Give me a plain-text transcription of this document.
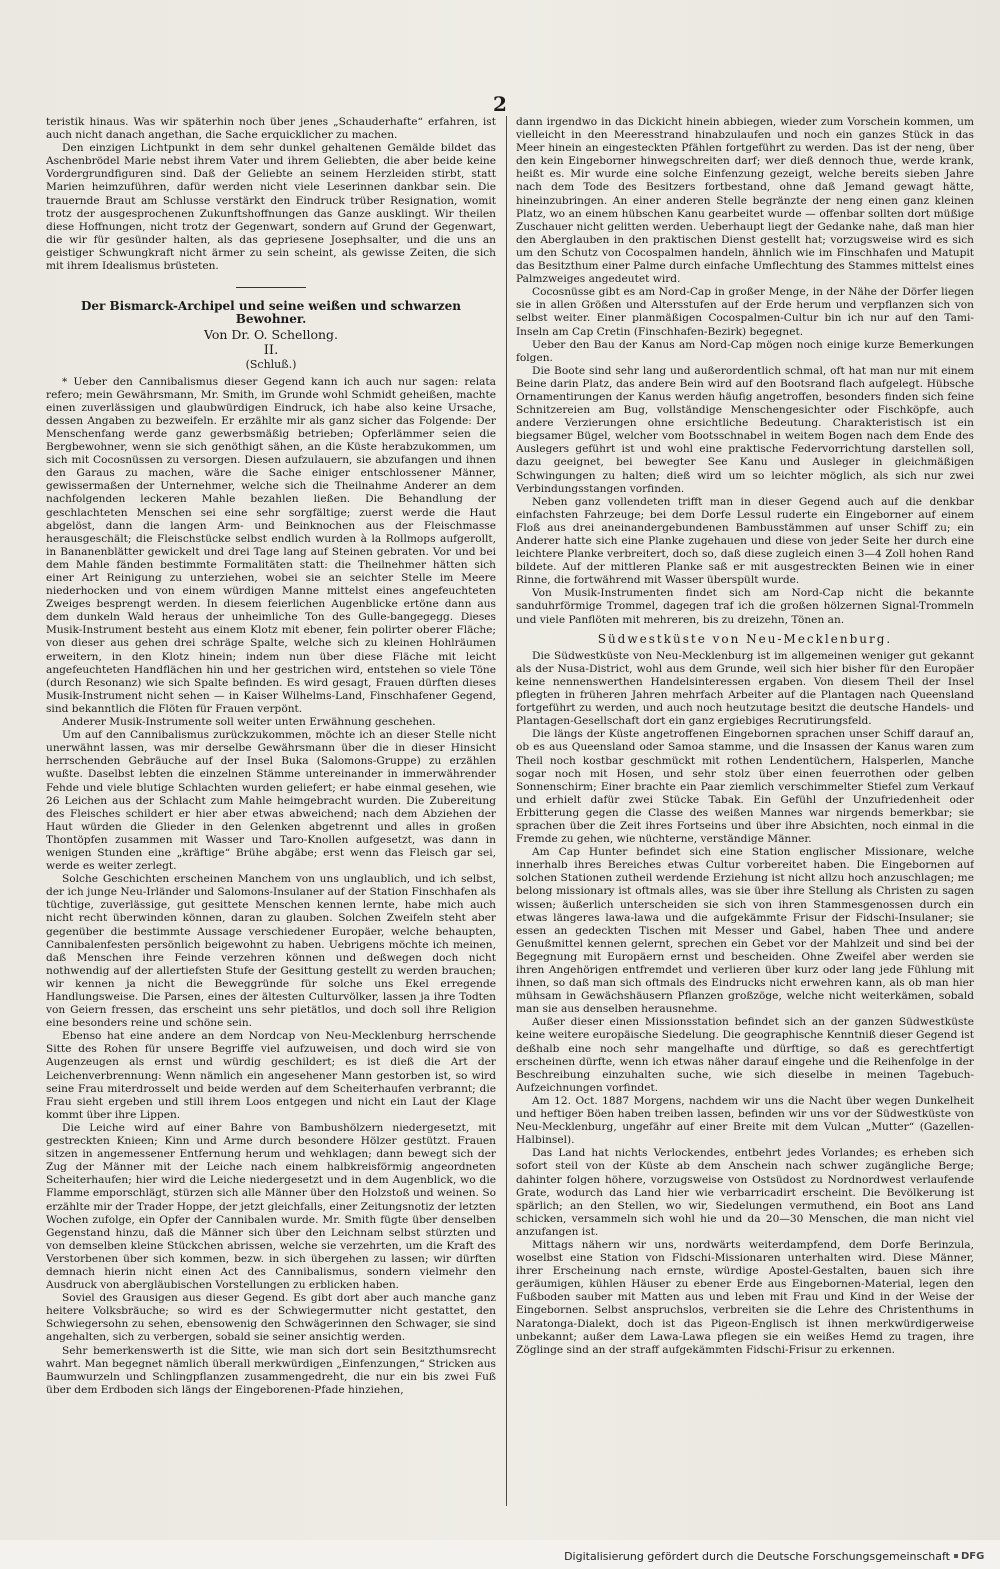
2

teristik hinaus. Was wir späterhin noch über jenes „Schauderhafte“ erfahren, ist auch nicht danach angethan, die Sache erquicklicher zu machen.

Den einzigen Lichtpunkt in dem sehr dunkel gehaltenen Gemälde bildet das Aschenbrödel Marie nebst ihrem Vater und ihrem Geliebten, die aber beide keine Vordergrundfiguren sind. Daß der Geliebte an seinem Herzleiden stirbt, statt Marien heimzuführen, dafür werden nicht viele Leserinnen dankbar sein. Die trauernde Braut am Schlusse verstärkt den Eindruck trüber Resignation, womit trotz der ausgesprochenen Zukunftshoffnungen das Ganze ausklingt. Wir theilen diese Hoffnungen, nicht trotz der Gegenwart, sondern auf Grund der Gegenwart, die wir für gesünder halten, als das gepriesene Josephsalter, und die uns an geistiger Schwungkraft nicht ärmer zu sein scheint, als gewisse Zeiten, die sich mit ihrem Idealismus brüsteten.

Der Bismarck-Archipel und seine weißen und schwarzen Bewohner.
Von Dr. O. Schellong.
II.
(Schluß.)

* Ueber den Cannibalismus dieser Gegend kann ich auch nur sagen: relata refero; mein Gewährsmann, Mr. Smith, im Grunde wohl Schmidt geheißen, machte einen zuverlässigen und glaubwürdigen Eindruck, ich habe also keine Ursache, dessen Angaben zu bezweifeln. Er erzählte mir als ganz sicher das Folgende: Der Menschenfang werde ganz gewerbsmäßig betrieben; Opferlämmer seien die Bergbewohner, wenn sie sich genöthigt sähen, an die Küste herabzukommen, um sich mit Cocosnüssen zu versorgen. Diesen aufzulauern, sie abzufangen und ihnen den Garaus zu machen, wäre die Sache einiger entschlossener Männer, gewissermaßen der Unternehmer, welche sich die Theilnahme Anderer an dem nachfolgenden leckeren Mahle bezahlen ließen. Die Behandlung der geschlachteten Menschen sei eine sehr sorgfältige; zuerst werde die Haut abgelöst, dann die langen Arm- und Beinknochen aus der Fleischmasse herausgeschält; die Fleischstücke selbst endlich wurden à la Rollmops aufgerollt, in Bananenblätter gewickelt und drei Tage lang auf Steinen gebraten. Vor und bei dem Mahle fänden bestimmte Formalitäten statt: die Theilnehmer hätten sich einer Art Reinigung zu unterziehen, wobei sie an seichter Stelle im Meere niederhocken und von einem würdigen Manne mittelst eines angefeuchteten Zweiges besprengt werden. In diesem feierlichen Augenblicke ertöne dann aus dem dunkeln Wald heraus der unheimliche Ton des Gulle-bangegegg. Dieses Musik-Instrument besteht aus einem Klotz mit ebener, fein polirter oberer Fläche; von dieser aus gehen drei schräge Spalte, welche sich zu kleinen Hohlräumen erweitern, in den Klotz hinein; indem nun über diese Fläche mit leicht angefeuchteten Handflächen hin und her gestrichen wird, entstehen so viele Töne (durch Resonanz) wie sich Spalte befinden. Es wird gesagt, Frauen dürften dieses Musik-Instrument nicht sehen — in Kaiser Wilhelms-Land, Finschhafener Gegend, sind bekanntlich die Flöten für Frauen verpönt.

Anderer Musik-Instrumente soll weiter unten Erwähnung geschehen.

Um auf den Cannibalismus zurückzukommen, möchte ich an dieser Stelle nicht unerwähnt lassen, was mir derselbe Gewährsmann über die in dieser Hinsicht herrschenden Gebräuche auf der Insel Buka (Salomons-Gruppe) zu erzählen wußte. Daselbst lebten die einzelnen Stämme untereinander in immerwährender Fehde und viele blutige Schlachten wurden geliefert; er habe einmal gesehen, wie 26 Leichen aus der Schlacht zum Mahle heimgebracht wurden. Die Zubereitung des Fleisches schildert er hier aber etwas abweichend; nach dem Abziehen der Haut würden die Glieder in den Gelenken abgetrennt und alles in großen Thontöpfen zusammen mit Wasser und Taro-Knollen aufgesetzt, was dann in wenigen Stunden eine „kräftige“ Brühe abgäbe; erst wenn das Fleisch gar sei, werde es weiter zerlegt.

Solche Geschichten erscheinen Manchem von uns unglaublich, und ich selbst, der ich junge Neu-Irländer und Salomons-Insulaner auf der Station Finschhafen als tüchtige, zuverlässige, gut gesittete Menschen kennen lernte, habe mich auch nicht recht überwinden können, daran zu glauben. Solchen Zweifeln steht aber gegenüber die bestimmte Aussage verschiedener Europäer, welche behaupten, Cannibalenfesten persönlich beigewohnt zu haben. Uebrigens möchte ich meinen, daß Menschen ihre Feinde verzehren können und deßwegen doch nicht nothwendig auf der allertiefsten Stufe der Gesittung gestellt zu werden brauchen; wir kennen ja nicht die Beweggründe für solche uns Ekel erregende Handlungsweise. Die Parsen, eines der ältesten Culturvölker, lassen ja ihre Todten von Geiern fressen, das erscheint uns sehr pietätlos, und doch soll ihre Religion eine besonders reine und schöne sein.

Ebenso hat eine andere an dem Nordcap von Neu-Mecklenburg herrschende Sitte des Rohen für unsere Begriffe viel aufzuweisen, und doch wird sie von Augenzeugen als ernst und würdig geschildert; es ist dieß die Art der Leichenverbrennung: Wenn nämlich ein angesehener Mann gestorben ist, so wird seine Frau miterdrosselt und beide werden auf dem Scheiterhaufen verbrannt; die Frau sieht ergeben und still ihrem Loos entgegen und nicht ein Laut der Klage kommt über ihre Lippen.

Die Leiche wird auf einer Bahre von Bambushölzern niedergesetzt, mit gestreckten Knieen; Kinn und Arme durch besondere Hölzer gestützt. Frauen sitzen in angemessener Entfernung herum und wehklagen; dann bewegt sich der Zug der Männer mit der Leiche nach einem halbkreisförmig angeordneten Scheiterhaufen; hier wird die Leiche niedergesetzt und in dem Augenblick, wo die Flamme emporschlägt, stürzen sich alle Männer über den Holzstoß und weinen. So erzählte mir der Trader Hoppe, der jetzt gleichfalls, einer Zeitungsnotiz der letzten Wochen zufolge, ein Opfer der Cannibalen wurde. Mr. Smith fügte über denselben Gegenstand hinzu, daß die Männer sich über den Leichnam selbst stürzten und von demselben kleine Stückchen abrissen, welche sie verzehrten, um die Kraft des Verstorbenen über sich kommen, bezw. in sich übergehen zu lassen; wir dürften demnach hierin nicht einen Act des Cannibalismus, sondern vielmehr den Ausdruck von abergläubischen Vorstellungen zu erblicken haben.

Soviel des Grausigen aus dieser Gegend. Es gibt dort aber auch manche ganz heitere Volksbräuche; so wird es der Schwiegermutter nicht gestattet, den Schwiegersohn zu sehen, ebensowenig den Schwägerinnen den Schwager, sie sind angehalten, sich zu verbergen, sobald sie seiner ansichtig werden.

Sehr bemerkenswerth ist die Sitte, wie man sich dort sein Besitzthumsrecht wahrt. Man begegnet nämlich überall merkwürdigen „Einfenzungen,“ Stricken aus Baumwurzeln und Schlingpflanzen zusammengedreht, die nur ein bis zwei Fuß über dem Erdboden sich längs der Eingeborenen-Pfade hinziehen,

dann irgendwo in das Dickicht hinein abbiegen, wieder zum Vorschein kommen, um vielleicht in den Meeresstrand hinabzulaufen und noch ein ganzes Stück in das Meer hinein an eingesteckten Pfählen fortgeführt zu werden. Das ist der neng, über den kein Eingeborner hinwegschreiten darf; wer dieß dennoch thue, werde krank, heißt es. Mir wurde eine solche Einfenzung gezeigt, welche bereits sieben Jahre nach dem Tode des Besitzers fortbestand, ohne daß Jemand gewagt hätte, hineinzubringen. An einer anderen Stelle begränzte der neng einen ganz kleinen Platz, wo an einem hübschen Kanu gearbeitet wurde — offenbar sollten dort müßige Zuschauer nicht gelitten werden. Ueberhaupt liegt der Gedanke nahe, daß man hier den Aberglauben in den praktischen Dienst gestellt hat; vorzugsweise wird es sich um den Schutz von Cocospalmen handeln, ähnlich wie im Finschhafen und Matupit das Besitzthum einer Palme durch einfache Umflechtung des Stammes mittelst eines Palmzweiges angedeutet wird.

Cocosnüsse gibt es am Nord-Cap in großer Menge, in der Nähe der Dörfer liegen sie in allen Größen und Altersstufen auf der Erde herum und verpflanzen sich von selbst weiter. Einer planmäßigen Cocospalmen-Cultur bin ich nur auf den Tami-Inseln am Cap Cretin (Finschhafen-Bezirk) begegnet.

Ueber den Bau der Kanus am Nord-Cap mögen noch einige kurze Bemerkungen folgen.

Die Boote sind sehr lang und außerordentlich schmal, oft hat man nur mit einem Beine darin Platz, das andere Bein wird auf den Bootsrand flach aufgelegt. Hübsche Ornamentirungen der Kanus werden häufig angetroffen, besonders finden sich feine Schnitzereien am Bug, vollständige Menschengesichter oder Fischköpfe, auch andere Verzierungen ohne ersichtliche Bedeutung. Charakteristisch ist ein biegsamer Bügel, welcher vom Bootsschnabel in weitem Bogen nach dem Ende des Auslegers geführt ist und wohl eine praktische Federvorrichtung darstellen soll, dazu geeignet, bei bewegter See Kanu und Ausleger in gleichmäßigen Schwingungen zu halten; dieß wird um so leichter möglich, als sich nur zwei Verbindungsstangen vorfinden.

Neben ganz vollendeten trifft man in dieser Gegend auch auf die denkbar einfachsten Fahrzeuge; bei dem Dorfe Lessul ruderte ein Eingeborner auf einem Floß aus drei aneinandergebundenen Bambusstämmen auf unser Schiff zu; ein Anderer hatte sich eine Planke zugehauen und diese von jeder Seite her durch eine leichtere Planke verbreitert, doch so, daß diese zugleich einen 3—4 Zoll hohen Rand bildete. Auf der mittleren Planke saß er mit ausgestreckten Beinen wie in einer Rinne, die fortwährend mit Wasser überspült wurde.

Von Musik-Instrumenten findet sich am Nord-Cap nicht die bekannte sanduhrförmige Trommel, dagegen traf ich die großen hölzernen Signal-Trommeln und viele Panflöten mit mehreren, bis zu dreizehn, Tönen an.

Südwestküste von Neu-Mecklenburg.

Die Südwestküste von Neu-Mecklenburg ist im allgemeinen weniger gut gekannt als der Nusa-District, wohl aus dem Grunde, weil sich hier bisher für den Europäer keine nennenswerthen Handelsinteressen ergaben. Von diesem Theil der Insel pflegten in früheren Jahren mehrfach Arbeiter auf die Plantagen nach Queensland fortgeführt zu werden, und auch noch heutzutage besitzt die deutsche Handels- und Plantagen-Gesellschaft dort ein ganz ergiebiges Recrutirungsfeld.

Die längs der Küste angetroffenen Eingebornen sprachen unser Schiff darauf an, ob es aus Queensland oder Samoa stamme, und die Insassen der Kanus waren zum Theil noch kostbar geschmückt mit rothen Lendentüchern, Halsperlen, Manche sogar noch mit Hosen, und sehr stolz über einen feuerrothen oder gelben Sonnenschirm; Einer brachte ein Paar ziemlich verschimmelter Stiefel zum Verkauf und erhielt dafür zwei Stücke Tabak. Ein Gefühl der Unzufriedenheit oder Erbitterung gegen die Classe des weißen Mannes war nirgends bemerkbar; sie sprachen über die Zeit ihres Fortseins und über ihre Absichten, noch einmal in die Fremde zu gehen, wie nüchterne, verständige Männer.

Am Cap Hunter befindet sich eine Station englischer Missionare, welche innerhalb ihres Bereiches etwas Cultur vorbereitet haben. Die Eingebornen auf solchen Stationen zutheil werdende Erziehung ist nicht allzu hoch anzuschlagen; me belong missionary ist oftmals alles, was sie über ihre Stellung als Christen zu sagen wissen; äußerlich unterscheiden sie sich von ihren Stammesgenossen durch ein etwas längeres lawa-lawa und die aufgekämmte Frisur der Fidschi-Insulaner; sie essen an gedeckten Tischen mit Messer und Gabel, haben Thee und andere Genußmittel kennen gelernt, sprechen ein Gebet vor der Mahlzeit und sind bei der Begegnung mit Europäern ernst und bescheiden. Ohne Zweifel aber werden sie ihren Angehörigen entfremdet und verlieren über kurz oder lang jede Fühlung mit ihnen, so daß man sich oftmals des Eindrucks nicht erwehren kann, als ob man hier mühsam in Gewächshäusern Pflanzen großzöge, welche nicht weiterkämen, sobald man sie aus denselben herausnehme.

Außer dieser einen Missionsstation befindet sich an der ganzen Südwestküste keine weitere europäische Siedelung. Die geographische Kenntniß dieser Gegend ist deßhalb eine noch sehr mangelhafte und dürftige, so daß es gerechtfertigt erscheinen dürfte, wenn ich etwas näher darauf eingehe und die Reihenfolge in der Beschreibung einzuhalten suche, wie sich dieselbe in meinen Tagebuch-Aufzeichnungen vorfindet.

Am 12. Oct. 1887 Morgens, nachdem wir uns die Nacht über wegen Dunkelheit und heftiger Böen haben treiben lassen, befinden wir uns vor der Südwestküste von Neu-Mecklenburg, ungefähr auf einer Breite mit dem Vulcan „Mutter“ (Gazellen-Halbinsel).

Das Land hat nichts Verlockendes, entbehrt jedes Vorlandes; es erheben sich sofort steil von der Küste ab dem Anschein nach schwer zugängliche Berge; dahinter folgen höhere, vorzugsweise von Ostsüdost zu Nordnordwest verlaufende Grate, wodurch das Land hier wie verbarricadirt erscheint. Die Bevölkerung ist spärlich; an den Stellen, wo wir, Siedelungen vermuthend, ein Boot ans Land schicken, versammeln sich wohl hie und da 20—30 Menschen, die man nicht viel anzufangen ist.

Mittags nähern wir uns, nordwärts weiterdampfend, dem Dorfe Berinzula, woselbst eine Station von Fidschi-Missionaren unterhalten wird. Diese Männer, ihrer Erscheinung nach ernste, würdige Apostel-Gestalten, bauen sich ihre geräumigen, kühlen Häuser zu ebener Erde aus Eingebornen-Material, legen den Fußboden sauber mit Matten aus und leben mit Frau und Kind in der Weise der Eingebornen. Selbst anspruchslos, verbreiten sie die Lehre des Christenthums in Naratonga-Dialekt, doch ist das Pigeon-Englisch ist ihnen merkwürdigerweise unbekannt; außer dem Lawa-Lawa pflegen sie ein weißes Hemd zu tragen, ihre Zöglinge sind an der straff aufgekämmten Fidschi-Frisur zu erkennen.

Digitalisierung gefördert durch die Deutsche Forschungsgemeinschaft DFG
